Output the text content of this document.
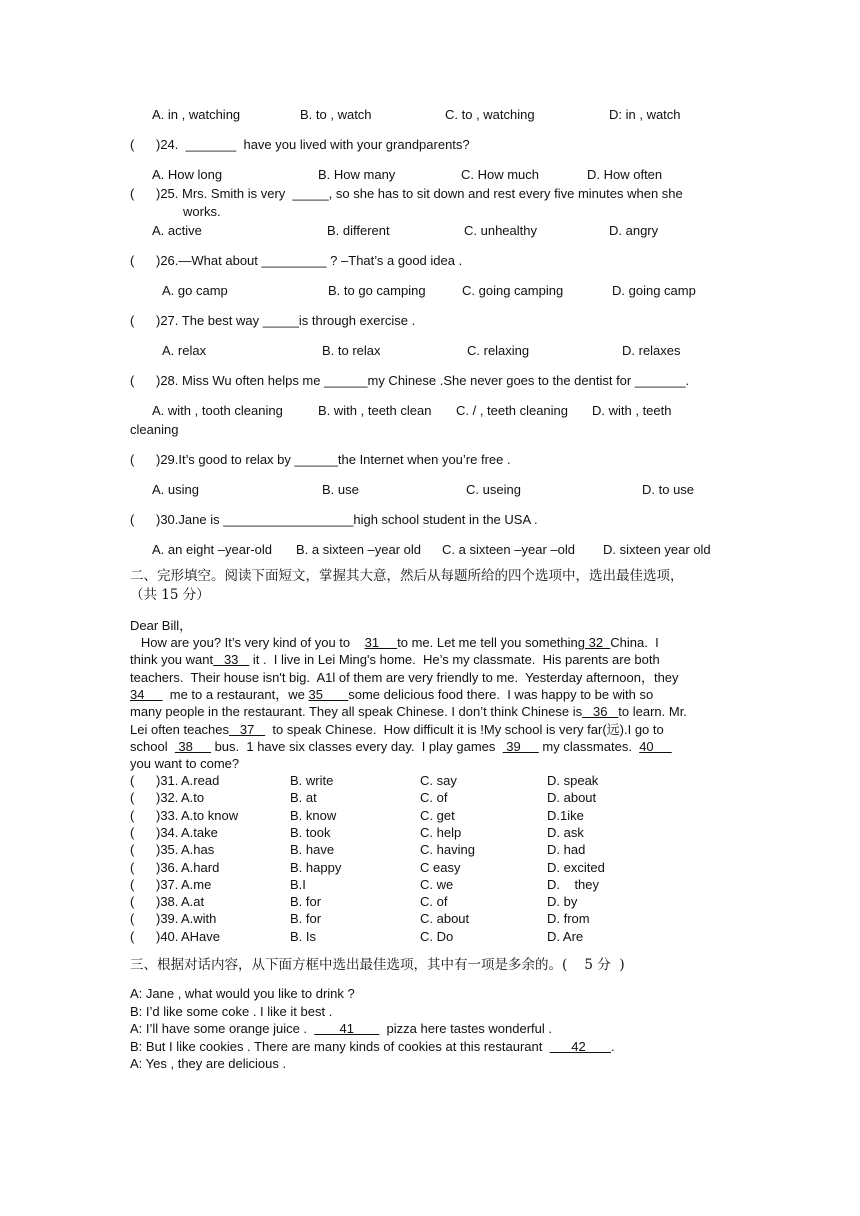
A. in , watching	B. to , watch	C. to , watching	D: in , watch
(      )24.  _______  have you lived with your grandparents?
A. How long	B. How many	C. How much	D. How often
(      )25. Mrs. Smith is very  _____, so she has to sit down and rest every five minutes when she
works.
A. active	B. different	C. unhealthy	D. angry
(      )26.—What about _________ ? –That’s a good idea .
A. go camp	B. to go camping	C. going camping	D. going camp
(      )27. The best way _____is through exercise .
A. relax	B. to relax	C. relaxing	D. relaxes
(      )28. Miss Wu often helps me ______my Chinese .She never goes to the dentist for _______.
A. with , tooth cleaning	B. with , teeth clean C. / , teeth cleaning D. with , teeth
cleaning
(      )29.It’s good to relax by ______the Internet when you’re free .
A. using	B. use	C. useing	D. to use
(      )30.Jane is __________________high school student in the USA .
A. an eight –year-old B. a sixteen –year old C. a sixteen –year –old D. sixteen year old
二、完形填空。阅读下面短文，掌握其大意，然后从每题所给的四个选项中，选出最佳选项，
（共 15 分）
Dear Bill，
How are you? It’s very kind of you to    31     to me. Let me tell you something 32  China.  I
think you want   33    it .  I live in Lei Ming's home.  He’s my classmate.  His parents are both
teachers.  Their house isn't big.  A1l of them are very friendly to me.  Yesterday afternoon，they
34       me to a restaurant，we 35       some delicious food there.  I was happy to be with so
many people in the restaurant. They all speak Chinese. I don’t think Chinese is   36   to learn. Mr.
Lei often teaches   37     to speak Chinese.  How difficult it is !My school is very far(远).I go to
school   38      bus.  1 have six classes every day.  I play games   39      my classmates.  40
you want to come?
(      )31. A.read	B. write	C. say	D. speak
(      )32. A.to	B. at	C. of	D. about
(      )33. A.to know	B. know	C. get	D.1ike
(      )34. A.take	B. took	C. help	D. ask
(      )35. A.has	B. have	C. having	D. had
(      )36. A.hard	B. happy	C easy	D. excited
(      )37. A.me	B.I	C. we	D.    they
(      )38. A.at	B. for	C. of	D. by
(      )39. A.with	B. for	C. about	D. from
(      )40. AHave	B. Is	C. Do	D. Are
三、根据对话内容，从下面方框中选出最佳选项，其中有一项是多余的。(    5 分  )
A: Jane , what would you like to drink ?
B: I’d like some coke . I like it best .
A: I’ll have some orange juice .         41         pizza here tastes wonderful .
B: But I like cookies . There are many kinds of cookies at this restaurant        42       .
A: Yes , they are delicious .
